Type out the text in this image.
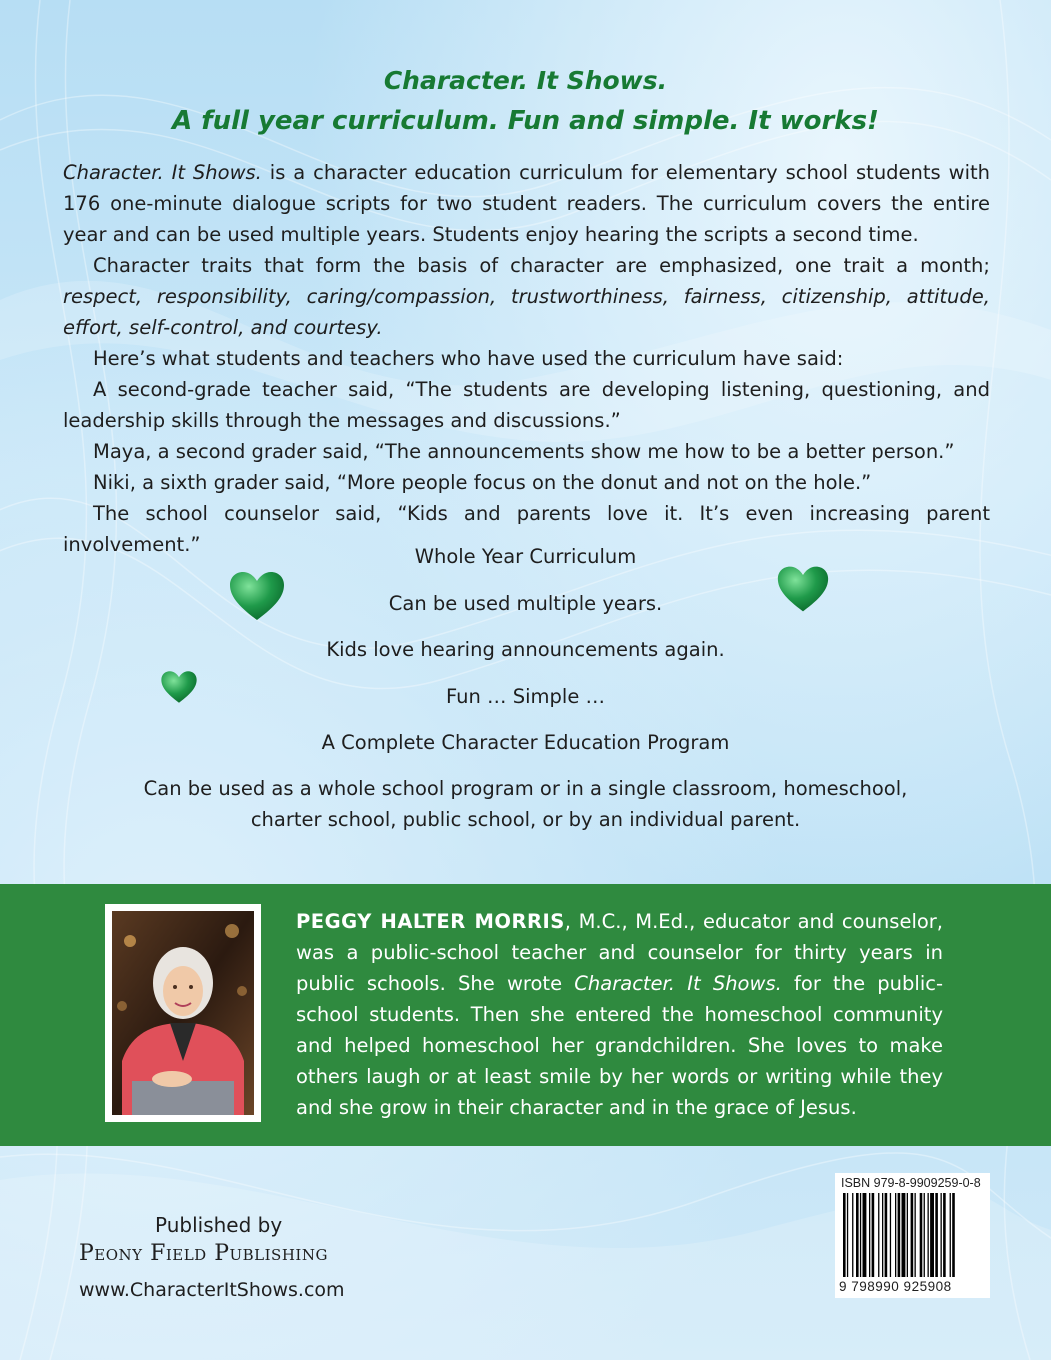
Character. It Shows.
A full year curriculum. Fun and simple. It works!

Character. It Shows. is a character education curriculum for elementary school students with 176 one-minute dialogue scripts for two student readers. The curriculum covers the entire year and can be used multiple years. Students enjoy hearing the scripts a second time.

Character traits that form the basis of character are emphasized, one trait a month; respect, responsibility, caring/compassion, trustworthiness, fairness, citizenship, attitude, effort, self-control, and courtesy.

Here’s what students and teachers who have used the curriculum have said:

A second-grade teacher said, “The students are developing listening, questioning, and leadership skills through the messages and discussions.”

Maya, a second grader said, “The announcements show me how to be a better person.”

Niki, a sixth grader said, “More people focus on the donut and not on the hole.”

The school counselor said, “Kids and parents love it. It’s even increasing parent involvement.”

Whole Year Curriculum
Can be used multiple years.
Kids love hearing announcements again.
Fun … Simple …
A Complete Character Education Program
Can be used as a whole school program or in a single classroom, homeschool,
charter school, public school, or by an individual parent.
PEGGY HALTER MORRIS, M.C., M.Ed., educator and counselor, was a public-school teacher and counselor for thirty years in public schools. She wrote Character. It Shows. for the public-school students. Then she entered the homeschool community and helped homeschool her grandchildren. She loves to make others laugh or at least smile by her words or writing while they and she grow in their character and in the grace of Jesus.
Published by
Peony Field Publishing
www.CharacterItShows.com
ISBN 979-8-9909259-0-8
9 798990 925908
